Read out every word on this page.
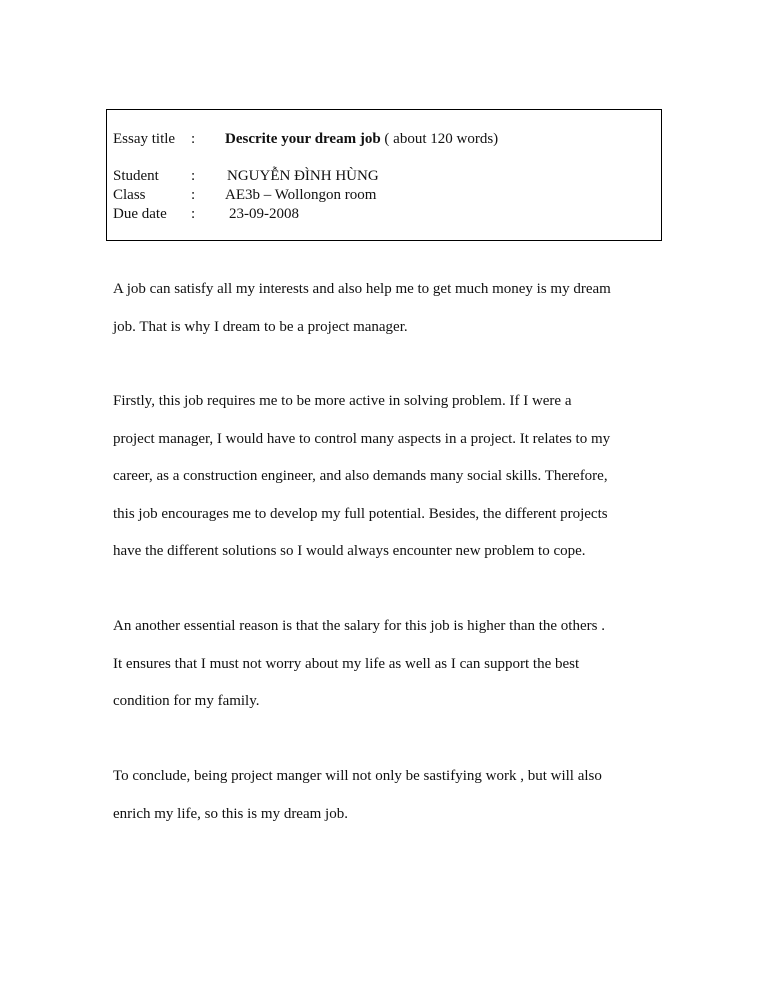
Essay title : Descrite your dream job ( about 120 words)
Student : NGUYỄN ĐÌNH HÙNG
Class	: AE3b – Wollongon room
Due date : 23-09-2008
A job can satisfy all my interests and also help me to get much money is my dream
job. That is why I dream to be a project manager.
Firstly, this job requires me to be more active in solving problem. If I were a
project manager, I would have to control many aspects in a project. It relates to my
career, as a construction engineer, and also demands many social skills. Therefore,
this job encourages me to develop my full potential. Besides, the different projects
have the different solutions so I would always encounter new problem to cope.
An another essential reason is that the salary for this job is higher than the others .
It ensures that I must not worry about my life as well as I can support the best
condition for my family.
To conclude, being project manger will not only be sastifying work , but will also
enrich my life, so this is my dream job.
